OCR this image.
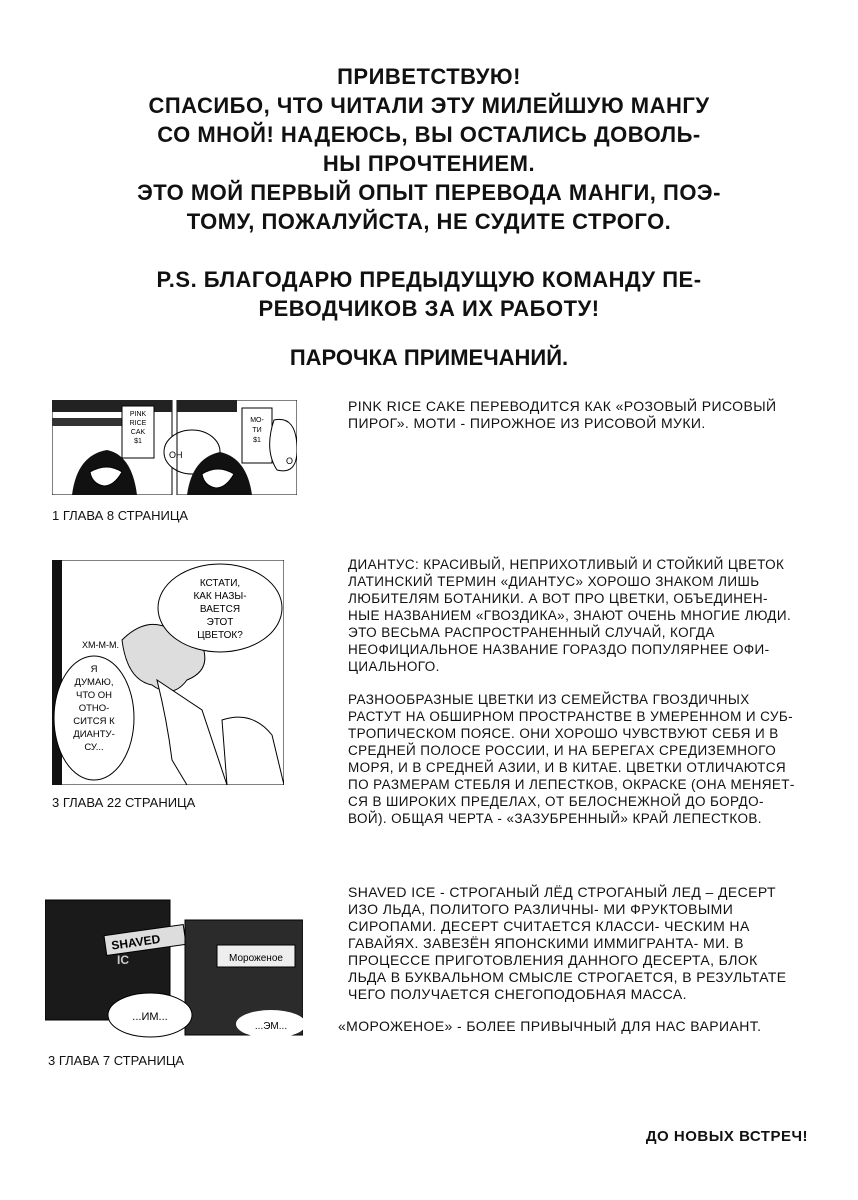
ПРИВЕТСТВУЮ!
СПАСИБО, ЧТО ЧИТАЛИ ЭТУ МИЛЕЙШУЮ МАНГУ
СО МНОЙ! НАДЕЮСЬ, ВЫ ОСТАЛИСЬ ДОВОЛЬ-
НЫ ПРОЧТЕНИЕМ.
ЭТО МОЙ ПЕРВЫЙ ОПЫТ ПЕРЕВОДА МАНГИ, ПОЭ-
ТОМУ, ПОЖАЛУЙСТА, НЕ СУДИТЕ СТРОГО.
P.S. БЛАГОДАРЮ ПРЕДЫДУЩУЮ КОМАНДУ ПЕ-
РЕВОДЧИКОВ ЗА ИХ РАБОТУ!
ПАРОЧКА ПРИМЕЧАНИЙ.
PINK
RICE
CAK
$1
ОН
МО-
ТИ
$1
О
1 ГЛАВА 8 СТРАНИЦА

PINK RICE CAKE ПЕРЕВОДИТСЯ КАК «РОЗОВЫЙ РИСОВЫЙ ПИРОГ». МОТИ - ПИРОЖНОЕ ИЗ РИСОВОЙ МУКИ.

КСТАТИ,
КАК НАЗЫ-
ВАЕТСЯ
ЭТОТ
ЦВЕТОК?
ХМ-М-М.
Я
ДУМАЮ,
ЧТО ОН
ОТНО-
СИТСЯ К
ДИАНТУ-
СУ...
3 ГЛАВА 22 СТРАНИЦА

ДИАНТУС: КРАСИВЫЙ, НЕПРИХОТЛИВЫЙ И СТОЙКИЙ ЦВЕТОК ЛАТИНСКИЙ ТЕРМИН «ДИАНТУС» ХОРОШО ЗНАКОМ ЛИШЬ ЛЮБИТЕЛЯМ БОТАНИКИ. А ВОТ ПРО ЦВЕТКИ, ОБЪЕДИНЕН- НЫЕ НАЗВАНИЕМ «ГВОЗДИКА», ЗНАЮТ ОЧЕНЬ МНОГИЕ ЛЮДИ. ЭТО ВЕСЬМА РАСПРОСТРАНЕННЫЙ СЛУЧАЙ, КОГДА НЕОФИЦИАЛЬНОЕ НАЗВАНИЕ ГОРАЗДО ПОПУЛЯРНЕЕ ОФИ- ЦИАЛЬНОГО.

РАЗНООБРАЗНЫЕ ЦВЕТКИ ИЗ СЕМЕЙСТВА ГВОЗДИЧНЫХ РАСТУТ НА ОБШИРНОМ ПРОСТРАНСТВЕ В УМЕРЕННОМ И СУБ- ТРОПИЧЕСКОМ ПОЯСЕ. ОНИ ХОРОШО ЧУВСТВУЮТ СЕБЯ И В СРЕДНЕЙ ПОЛОСЕ РОССИИ, И НА БЕРЕГАХ СРЕДИЗЕМНОГО МОРЯ, И В СРЕДНЕЙ АЗИИ, И В КИТАЕ. ЦВЕТКИ ОТЛИЧАЮТСЯ ПО РАЗМЕРАМ СТЕБЛЯ И ЛЕПЕСТКОВ, ОКРАСКЕ (ОНА МЕНЯЕТ- СЯ В ШИРОКИХ ПРЕДЕЛАХ, ОТ БЕЛОСНЕЖНОЙ ДО БОРДО- ВОЙ). ОБЩАЯ ЧЕРТА - «ЗАЗУБРЕННЫЙ» КРАЙ ЛЕПЕСТКОВ.

SHAVED
IC	Мороженое
...ИМ...
...ЭМ...
3 ГЛАВА 7 СТРАНИЦА

SHAVED ICE - СТРОГАНЫЙ ЛЁД СТРОГАНЫЙ ЛЕД – ДЕСЕРТ ИЗО ЛЬДА, ПОЛИТОГО РАЗЛИЧНЫ- МИ ФРУКТОВЫМИ СИРОПАМИ. ДЕСЕРТ СЧИТАЕТСЯ КЛАССИ- ЧЕСКИМ НА ГАВАЙЯХ. ЗАВЕЗЁН ЯПОНСКИМИ ИММИГРАНТА- МИ. В ПРОЦЕССЕ ПРИГОТОВЛЕНИЯ ДАННОГО ДЕСЕРТА, БЛОК ЛЬДА В БУКВАЛЬНОМ СМЫСЛЕ СТРОГАЕТСЯ, В РЕЗУЛЬТАТЕ ЧЕГО ПОЛУЧАЕТСЯ СНЕГОПОДОБНАЯ МАССА.

«МОРОЖЕНОЕ» - БОЛЕЕ ПРИВЫЧНЫЙ ДЛЯ НАС ВАРИАНТ.

ДО НОВЫХ ВСТРЕЧ!
